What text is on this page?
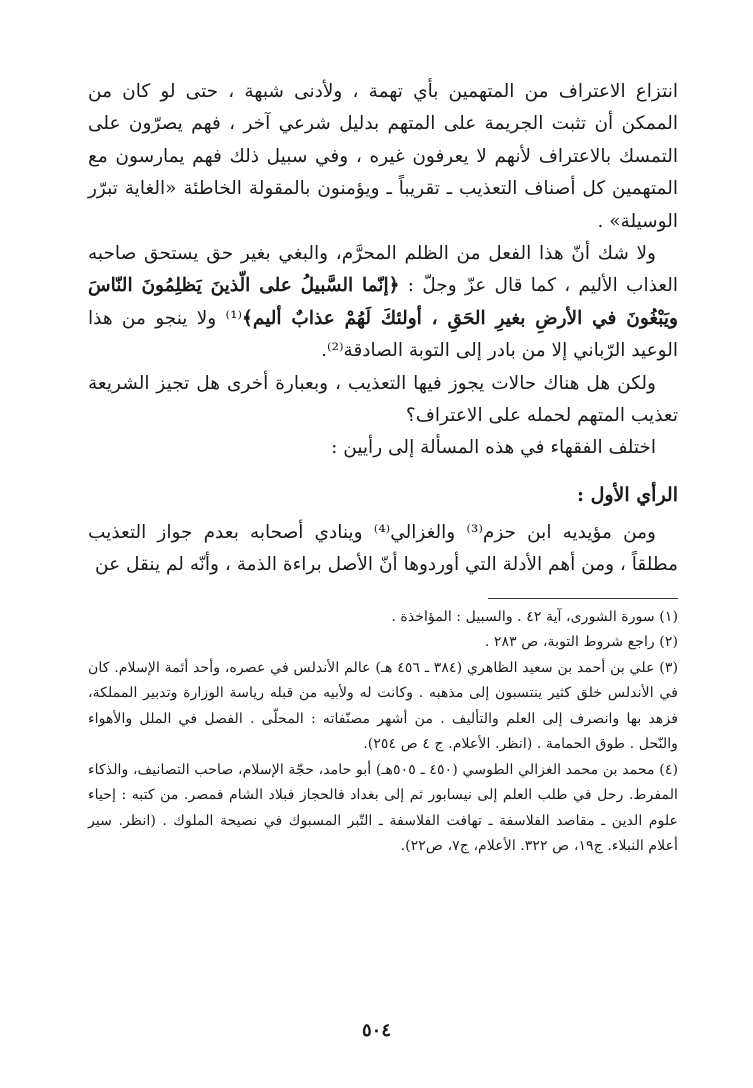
انتزاع الاعتراف من المتهمين بأي تهمة ، ولأدنى شبهة ، حتى لو كان من الممكن أن تثبت الجريمة على المتهم بدليل شرعي آخر ، فهم يصرّون على التمسك بالاعتراف لأنهم لا يعرفون غيره ، وفي سبيل ذلك فهم يمارسون مع المتهمين كل أصناف التعذيب ـ تقريباً ـ ويؤمنون بالمقولة الخاطئة «الغاية تبرّر الوسيلة» .

ولا شك أنّ هذا الفعل من الظلم المحرَّم، والبغي بغير حق يستحق صاحبه العذاب الأليم ، كما قال عزّ وجلّ : ﴿إنّما السَّبيلُ على الّذينَ يَظلِمُونَ النّاسَ ويَبْغُونَ في الأرضِ بغيرِ الحَقِ ، أولئكَ لَهُمْ عذابٌ أليم﴾⁽¹⁾ ولا ينجو من هذا الوعيد الرّباني إلا من بادر إلى التوبة الصادقة⁽²⁾.

ولكن هل هناك حالات يجوز فيها التعذيب ، وبعبارة أخرى هل تجيز الشريعة تعذيب المتهم لحمله على الاعتراف؟

اختلف الفقهاء في هذه المسألة إلى رأيين :

الرأي الأول :

ومن مؤيديه ابن حزم⁽³⁾ والغزالي⁽⁴⁾ وينادي أصحابه بعدم جواز التعذيب مطلقاً ، ومن أهم الأدلة التي أوردوها أنّ الأصل براءة الذمة ، وأنّه لم ينقل عن

(١) سورة الشورى، آية ٤٢ . والسبيل : المؤاخذة .

(٢) راجع شروط التوبة، ص ٢٨٣ .

(٣) علي بن أحمد بن سعيد الظاهري (٣٨٤ ـ ٤٥٦ هـ) عالم الأندلس في عصره، وأحد أئمة الإسلام. كان في الأندلس خلق كثير ينتسبون إلى مذهبه . وكانت له ولأبيه من قبله رياسة الوزارة وتدبير المملكة، فزهد بها وانصرف إلى العلم والتأليف . من أشهر مصنّفاته : المحلّى . الفصل في الملل والأهواء والنّحل . طوق الحمامة . (انظر. الأعلام. ج ٤ ص ٢٥٤).

(٤) محمد بن محمد الغزالي الطوسي (٤٥٠ ـ ٥٠٥هـ) أبو حامد، حجّة الإسلام، صاحب التصانيف، والذكاء المفرط. رحل في طلب العلم إلى نيسابور ثم إلى بغداد فالحجاز فبلاد الشام فمصر. من كتبه : إحياء علوم الدين ـ مقاصد الفلاسفة ـ تهافت الفلاسفة ـ التّبر المسبوك في نصيحة الملوك . (انظر. سير أعلام النبلاء. ج١٩، ص ٣٢٢. الأعلام، ج٧، ص٢٢).

٥٠٤
